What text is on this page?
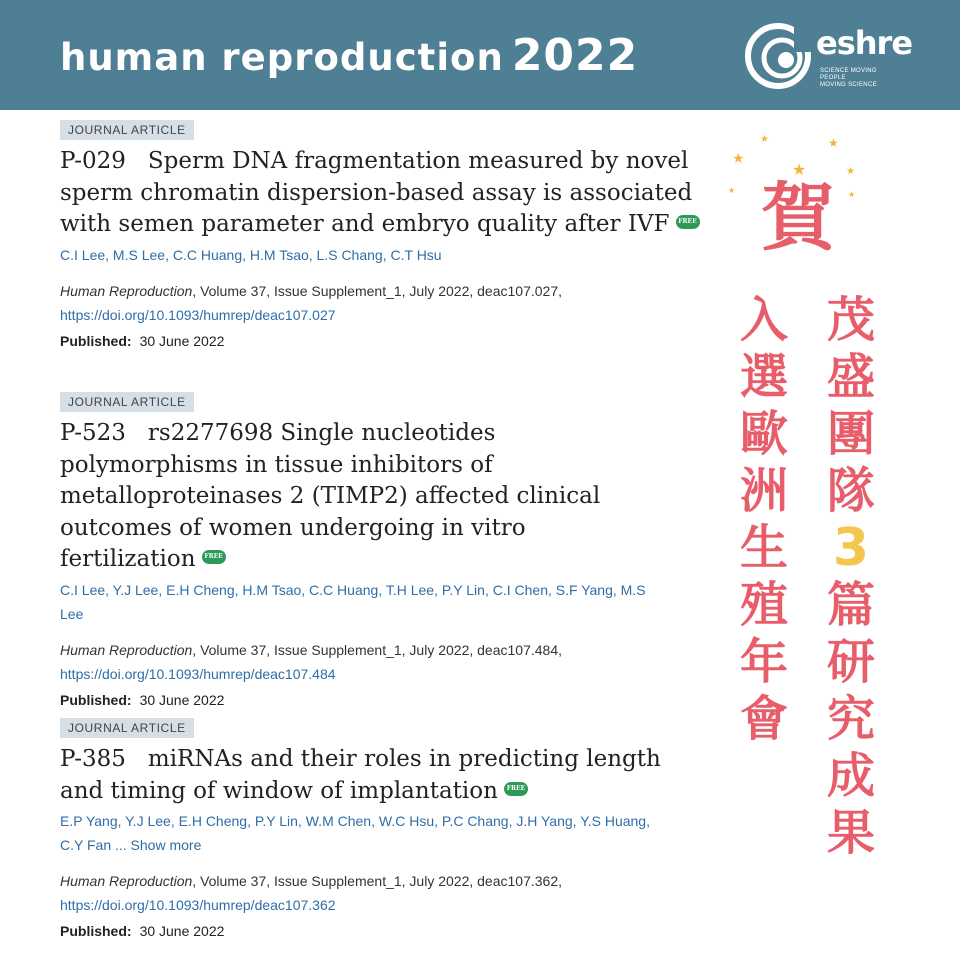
human reproduction 2022	eshre
SCIENCE MOVING
PEOPLE
MOVING SCIENCE
JOURNAL ARTICLE
P-029 Sperm DNA fragmentation measured by novel sperm chromatin dispersion-based assay is associated with semen parameter and embryo quality after IVF FREE
C.I Lee, M.S Lee, C.C Huang, H.M Tsao, L.S Chang, C.T Hsu
Human Reproduction, Volume 37, Issue Supplement_1, July 2022, deac107.027,
https://doi.org/10.1093/humrep/deac107.027
Published: 30 June 2022
JOURNAL ARTICLE
P-523 rs2277698 Single nucleotides polymorphisms in tissue inhibitors of metalloproteinases 2 (TIMP2) affected clinical outcomes of women undergoing in vitro fertilization FREE
C.I Lee, Y.J Lee, E.H Cheng, H.M Tsao, C.C Huang, T.H Lee, P.Y Lin, C.I Chen, S.F Yang, M.S Lee
Human Reproduction, Volume 37, Issue Supplement_1, July 2022, deac107.484,
https://doi.org/10.1093/humrep/deac107.484
Published: 30 June 2022
JOURNAL ARTICLE
P-385 miRNAs and their roles in predicting length and timing of window of implantation FREE
E.P Yang, Y.J Lee, E.H Cheng, P.Y Lin, W.M Chen, W.C Hsu, P.C Chang, J.H Yang, Y.S Huang, C.Y Fan ... Show more
Human Reproduction, Volume 37, Issue Supplement_1, July 2022, deac107.362,
https://doi.org/10.1093/humrep/deac107.362
Published: 30 June 2022
★
★
★
★
★
★	★
賀
茂
盛
團
隊
3
篇
研
究
成
果
入
選
歐
洲
生
殖
年
會
